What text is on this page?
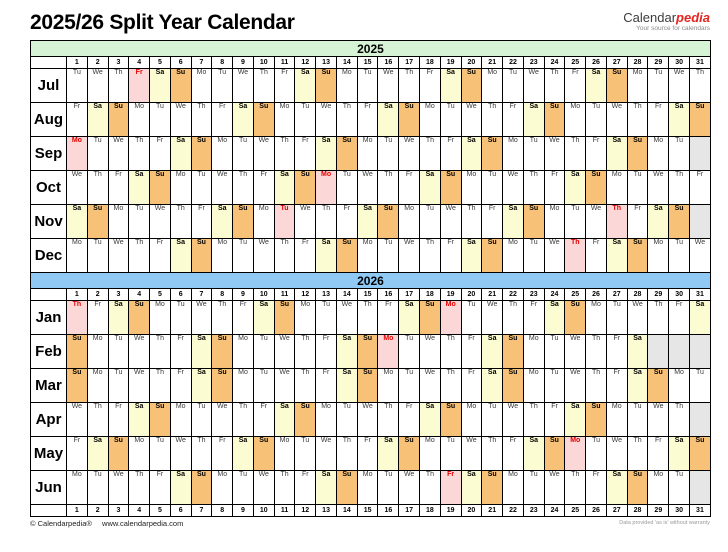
2025/26 Split Year Calendar	Calendarpedia
Your source for calendars
2025																															
	1	2	3	4	5	6	7	8	9	10	11	12	13	14	15	16	17	18	19	20	21	22	23	24	25	26	27	28	29	30	31
Jul	Tu	We	Th	Fr	Sa	Su	Mo	Tu	We	Th	Fr	Sa	Su	Mo	Tu	We	Th	Fr	Sa	Su	Mo	Tu	We	Th	Fr	Sa	Su	Mo	Tu	We	Th
Aug	Fr	Sa	Su	Mo	Tu	We	Th	Fr	Sa	Su	Mo	Tu	We	Th	Fr	Sa	Su	Mo	Tu	We	Th	Fr	Sa	Su	Mo	Tu	We	Th	Fr	Sa	Su
Sep	Mo	Tu	We	Th	Fr	Sa	Su	Mo	Tu	We	Th	Fr	Sa	Su	Mo	Tu	We	Th	Fr	Sa	Su	Mo	Tu	We	Th	Fr	Sa	Su	Mo	Tu	
Oct	We	Th	Fr	Sa	Su	Mo	Tu	We	Th	Fr	Sa	Su	Mo	Tu	We	Th	Fr	Sa	Su	Mo	Tu	We	Th	Fr	Sa	Su	Mo	Tu	We	Th	Fr
Nov	Sa	Su	Mo	Tu	We	Th	Fr	Sa	Su	Mo	Tu	We	Th	Fr	Sa	Su	Mo	Tu	We	Th	Fr	Sa	Su	Mo	Tu	We	Th	Fr	Sa	Su	
Dec	Mo	Tu	We	Th	Fr	Sa	Su	Mo	Tu	We	Th	Fr	Sa	Su	Mo	Tu	We	Th	Fr	Sa	Su	Mo	Tu	We	Th	Fr	Sa	Su	Mo	Tu	We
2026																															
	1	2	3	4	5	6	7	8	9	10	11	12	13	14	15	16	17	18	19	20	21	22	23	24	25	26	27	28	29	30	31
Jan	Th	Fr	Sa	Su	Mo	Tu	We	Th	Fr	Sa	Su	Mo	Tu	We	Th	Fr	Sa	Su	Mo	Tu	We	Th	Fr	Sa	Su	Mo	Tu	We	Th	Fr	Sa
Feb	Su	Mo	Tu	We	Th	Fr	Sa	Su	Mo	Tu	We	Th	Fr	Sa	Su	Mo	Tu	We	Th	Fr	Sa	Su	Mo	Tu	We	Th	Fr	Sa			
Mar	Su	Mo	Tu	We	Th	Fr	Sa	Su	Mo	Tu	We	Th	Fr	Sa	Su	Mo	Tu	We	Th	Fr	Sa	Su	Mo	Tu	We	Th	Fr	Sa	Su	Mo	Tu
Apr	We	Th	Fr	Sa	Su	Mo	Tu	We	Th	Fr	Sa	Su	Mo	Tu	We	Th	Fr	Sa	Su	Mo	Tu	We	Th	Fr	Sa	Su	Mo	Tu	We	Th	
May	Fr	Sa	Su	Mo	Tu	We	Th	Fr	Sa	Su	Mo	Tu	We	Th	Fr	Sa	Su	Mo	Tu	We	Th	Fr	Sa	Su	Mo	Tu	We	Th	Fr	Sa	Su
Jun	Mo	Tu	We	Th	Fr	Sa	Su	Mo	Tu	We	Th	Fr	Sa	Su	Mo	Tu	We	Th	Fr	Sa	Su	Mo	Tu	We	Th	Fr	Sa	Su	Mo	Tu	
	1	2	3	4	5	6	7	8	9	10	11	12	13	14	15	16	17	18	19	20	21	22	23	24	25	26	27	28	29	30	31
© Calendarpedia® www.calendarpedia.com	Data provided 'as is' without warranty
